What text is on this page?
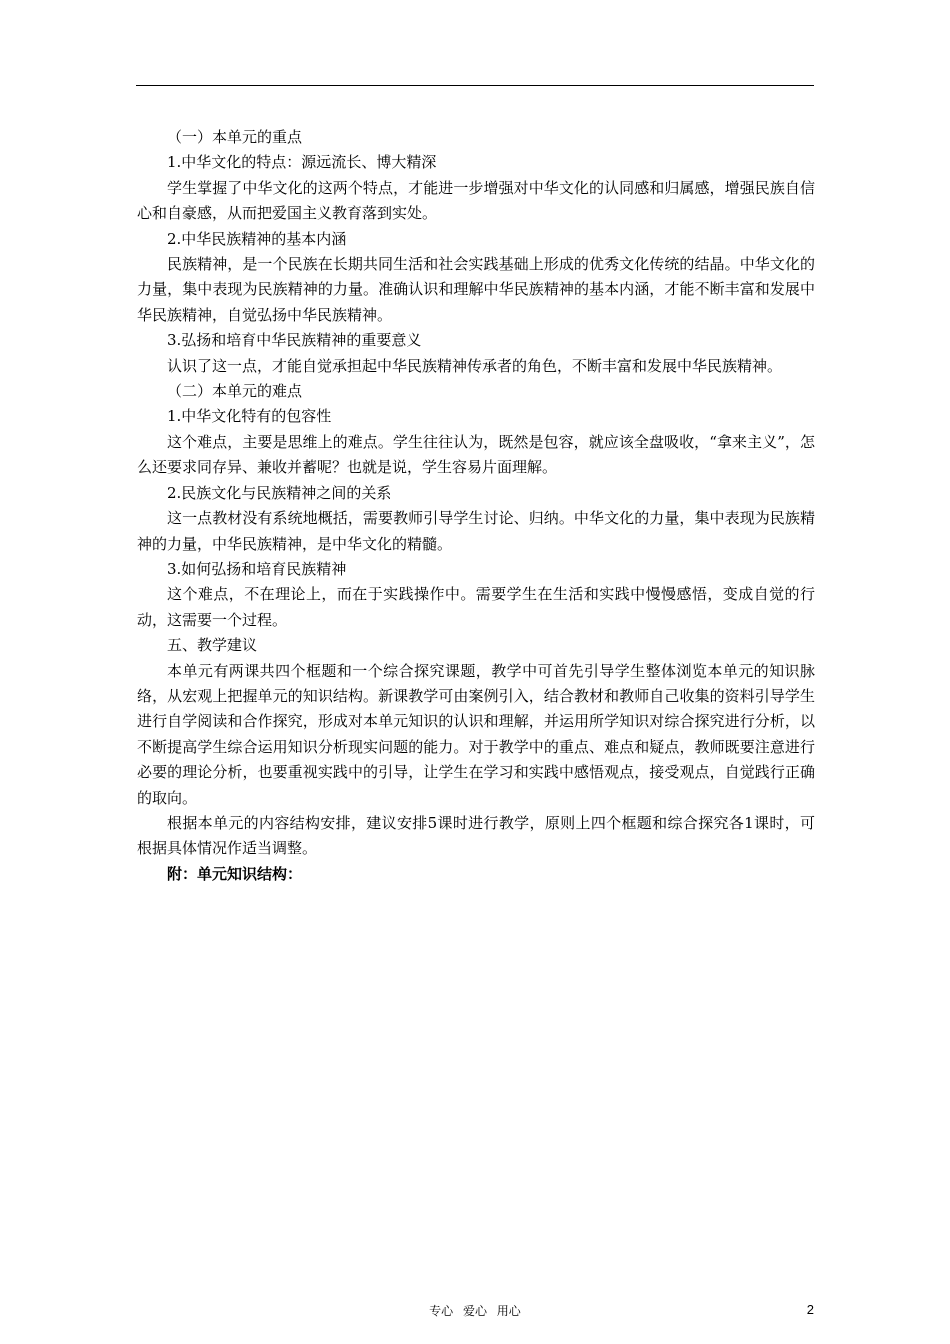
（一）本单元的重点

1.中华文化的特点：源远流长、博大精深

学生掌握了中华文化的这两个特点，才能进一步增强对中华文化的认同感和归属感，增强民族自信心和自豪感，从而把爱国主义教育落到实处。

2.中华民族精神的基本内涵

民族精神，是一个民族在长期共同生活和社会实践基础上形成的优秀文化传统的结晶。中华文化的力量，集中表现为民族精神的力量。准确认识和理解中华民族精神的基本内涵，才能不断丰富和发展中华民族精神，自觉弘扬中华民族精神。

3.弘扬和培育中华民族精神的重要意义

认识了这一点，才能自觉承担起中华民族精神传承者的角色，不断丰富和发展中华民族精神。

（二）本单元的难点

1.中华文化特有的包容性

这个难点，主要是思维上的难点。学生往往认为，既然是包容，就应该全盘吸收，“拿来主义”，怎么还要求同存异、兼收并蓄呢？也就是说，学生容易片面理解。

2.民族文化与民族精神之间的关系

这一点教材没有系统地概括，需要教师引导学生讨论、归纳。中华文化的力量，集中表现为民族精神的力量，中华民族精神，是中华文化的精髓。

3.如何弘扬和培育民族精神

这个难点，不在理论上，而在于实践操作中。需要学生在生活和实践中慢慢感悟，变成自觉的行动，这需要一个过程。

五、教学建议

本单元有两课共四个框题和一个综合探究课题，教学中可首先引导学生整体浏览本单元的知识脉络，从宏观上把握单元的知识结构。新课教学可由案例引入，结合教材和教师自己收集的资料引导学生进行自学阅读和合作探究，形成对本单元知识的认识和理解，并运用所学知识对综合探究进行分析，以不断提高学生综合运用知识分析现实问题的能力。对于教学中的重点、难点和疑点，教师既要注意进行必要的理论分析，也要重视实践中的引导，让学生在学习和实践中感悟观点，接受观点，自觉践行正确的取向。

根据本单元的内容结构安排，建议安排5课时进行教学，原则上四个框题和综合探究各1课时，可根据具体情况作适当调整。

附：单元知识结构：

专心 爱心 用心	2
